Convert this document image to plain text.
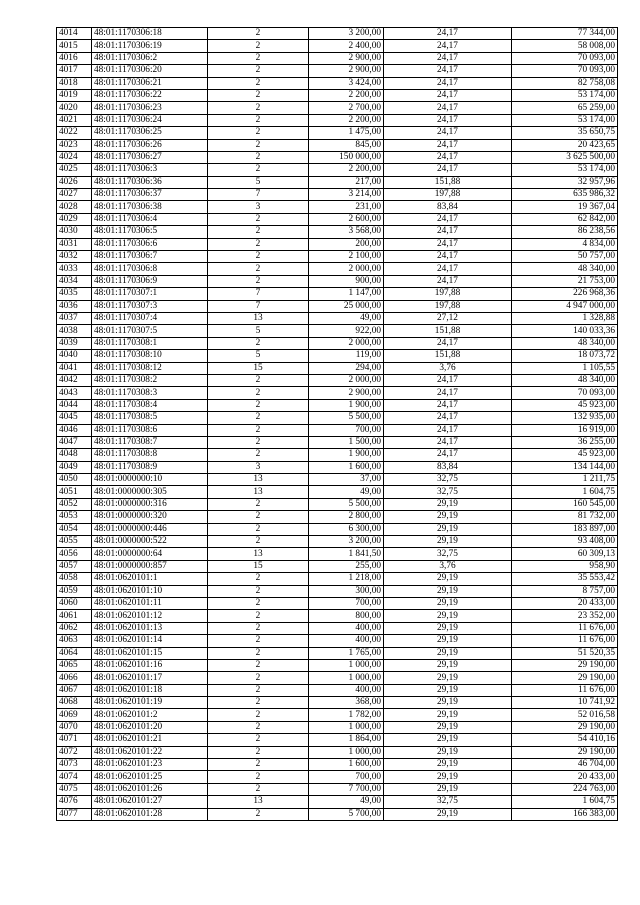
4014	48:01:1170306:18	2	3 200,00	24,17	77 344,00
4015	48:01:1170306:19	2	2 400,00	24,17	58 008,00
4016	48:01:1170306:2	2	2 900,00	24,17	70 093,00
4017	48:01:1170306:20	2	2 900,00	24,17	70 093,00
4018	48:01:1170306:21	2	3 424,00	24,17	82 758,08
4019	48:01:1170306:22	2	2 200,00	24,17	53 174,00
4020	48:01:1170306:23	2	2 700,00	24,17	65 259,00
4021	48:01:1170306:24	2	2 200,00	24,17	53 174,00
4022	48:01:1170306:25	2	1 475,00	24,17	35 650,75
4023	48:01:1170306:26	2	845,00	24,17	20 423,65
4024	48:01:1170306:27	2	150 000,00	24,17	3 625 500,00
4025	48:01:1170306:3	2	2 200,00	24,17	53 174,00
4026	48:01:1170306:36	5	217,00	151,88	32 957,96
4027	48:01:1170306:37	7	3 214,00	197,88	635 986,32
4028	48:01:1170306:38	3	231,00	83,84	19 367,04
4029	48:01:1170306:4	2	2 600,00	24,17	62 842,00
4030	48:01:1170306:5	2	3 568,00	24,17	86 238,56
4031	48:01:1170306:6	2	200,00	24,17	4 834,00
4032	48:01:1170306:7	2	2 100,00	24,17	50 757,00
4033	48:01:1170306:8	2	2 000,00	24,17	48 340,00
4034	48:01:1170306:9	2	900,00	24,17	21 753,00
4035	48:01:1170307:1	7	1 147,00	197,88	226 968,36
4036	48:01:1170307:3	7	25 000,00	197,88	4 947 000,00
4037	48:01:1170307:4	13	49,00	27,12	1 328,88
4038	48:01:1170307:5	5	922,00	151,88	140 033,36
4039	48:01:1170308:1	2	2 000,00	24,17	48 340,00
4040	48:01:1170308:10	5	119,00	151,88	18 073,72
4041	48:01:1170308:12	15	294,00	3,76	1 105,55
4042	48:01:1170308:2	2	2 000,00	24,17	48 340,00
4043	48:01:1170308:3	2	2 900,00	24,17	70 093,00
4044	48:01:1170308:4	2	1 900,00	24,17	45 923,00
4045	48:01:1170308:5	2	5 500,00	24,17	132 935,00
4046	48:01:1170308:6	2	700,00	24,17	16 919,00
4047	48:01:1170308:7	2	1 500,00	24,17	36 255,00
4048	48:01:1170308:8	2	1 900,00	24,17	45 923,00
4049	48:01:1170308:9	3	1 600,00	83,84	134 144,00
4050	48:01:0000000:10	13	37,00	32,75	1 211,75
4051	48:01:0000000:305	13	49,00	32,75	1 604,75
4052	48:01:0000000:316	2	5 500,00	29,19	160 545,00
4053	48:01:0000000:320	2	2 800,00	29,19	81 732,00
4054	48:01:0000000:446	2	6 300,00	29,19	183 897,00
4055	48:01:0000000:522	2	3 200,00	29,19	93 408,00
4056	48:01:0000000:64	13	1 841,50	32,75	60 309,13
4057	48:01:0000000:857	15	255,00	3,76	958,90
4058	48:01:0620101:1	2	1 218,00	29,19	35 553,42
4059	48:01:0620101:10	2	300,00	29,19	8 757,00
4060	48:01:0620101:11	2	700,00	29,19	20 433,00
4061	48:01:0620101:12	2	800,00	29,19	23 352,00
4062	48:01:0620101:13	2	400,00	29,19	11 676,00
4063	48:01:0620101:14	2	400,00	29,19	11 676,00
4064	48:01:0620101:15	2	1 765,00	29,19	51 520,35
4065	48:01:0620101:16	2	1 000,00	29,19	29 190,00
4066	48:01:0620101:17	2	1 000,00	29,19	29 190,00
4067	48:01:0620101:18	2	400,00	29,19	11 676,00
4068	48:01:0620101:19	2	368,00	29,19	10 741,92
4069	48:01:0620101:2	2	1 782,00	29,19	52 016,58
4070	48:01:0620101:20	2	1 000,00	29,19	29 190,00
4071	48:01:0620101:21	2	1 864,00	29,19	54 410,16
4072	48:01:0620101:22	2	1 000,00	29,19	29 190,00
4073	48:01:0620101:23	2	1 600,00	29,19	46 704,00
4074	48:01:0620101:25	2	700,00	29,19	20 433,00
4075	48:01:0620101:26	2	7 700,00	29,19	224 763,00
4076	48:01:0620101:27	13	49,00	32,75	1 604,75
4077	48:01:0620101:28	2	5 700,00	29,19	166 383,00
